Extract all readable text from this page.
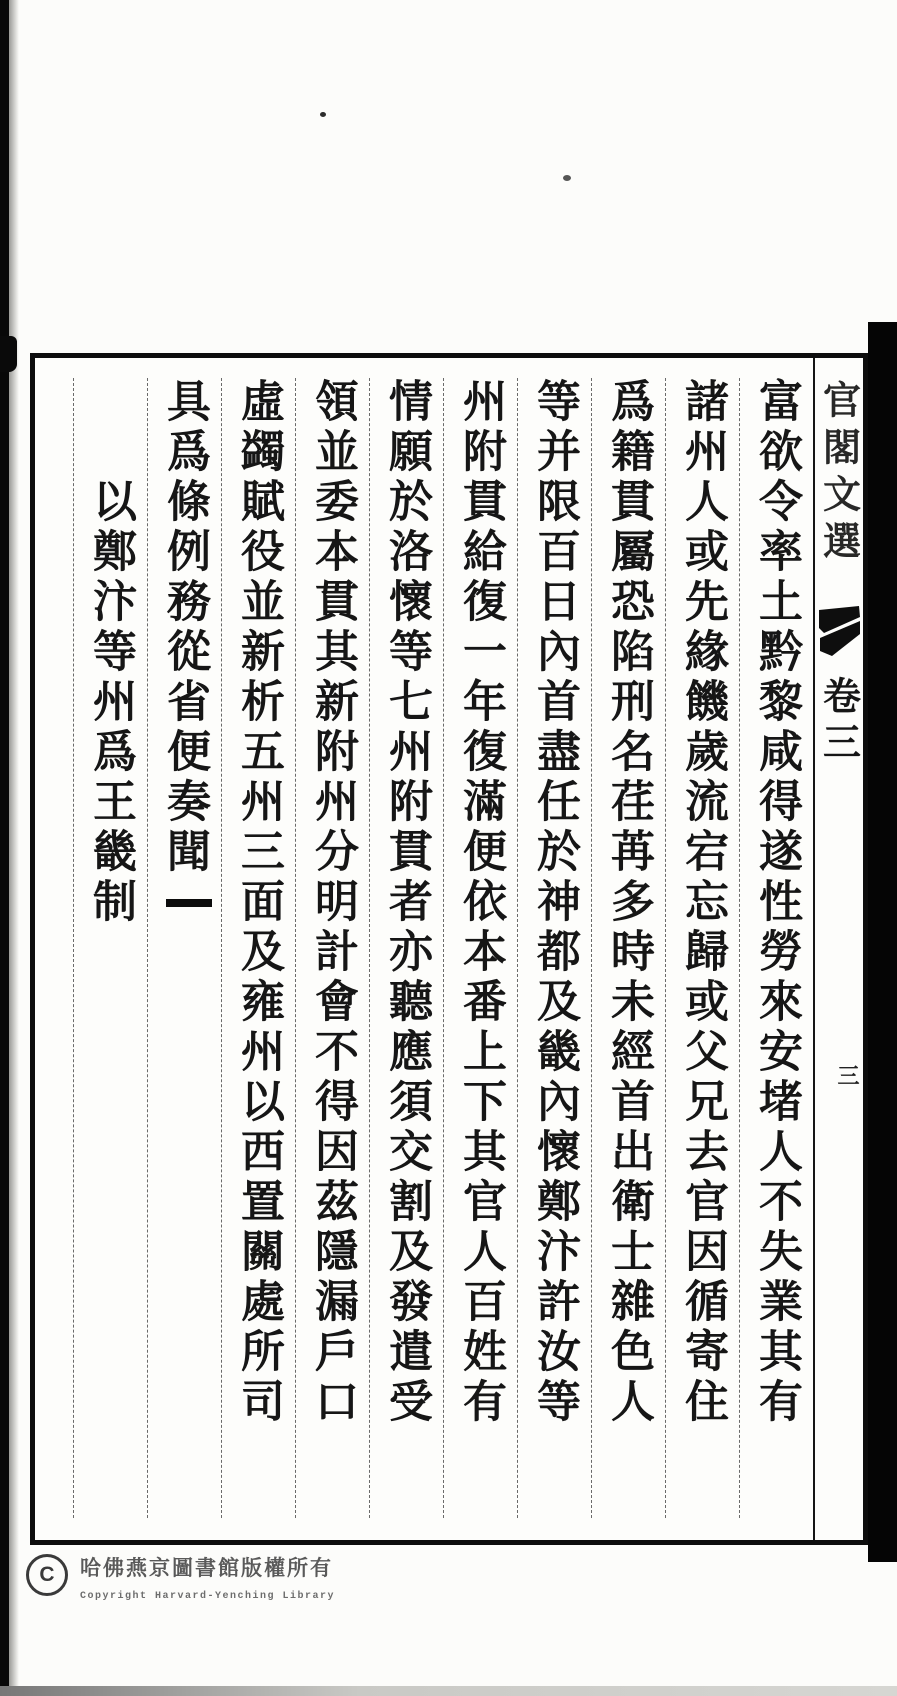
官閣文選
卷三
三
富欲令率土黔黎咸得遂性勞來安堵人不失業其有
諸州人或先緣饑歲流宕忘歸或父兄去官因循寄住
爲籍貫屬恐陷刑名荏苒多時未經首出衛士雜色人
等并限百日內首盡任於神都及畿內懷鄭汴許汝等
州附貫給復一年復滿便依本番上下其官人百姓有
情願於洛懷等七州附貫者亦聽應須交割及發遣受
領並委本貫其新附州分明計會不得因茲隱漏戶口
虛蠲賦役並新析五州三面及雍州以西置關處所司
具爲條例務從省便奏聞
以鄭汴等州爲王畿制
C	哈佛燕京圖書館版權所有
Copyright Harvard-Yenching Library
